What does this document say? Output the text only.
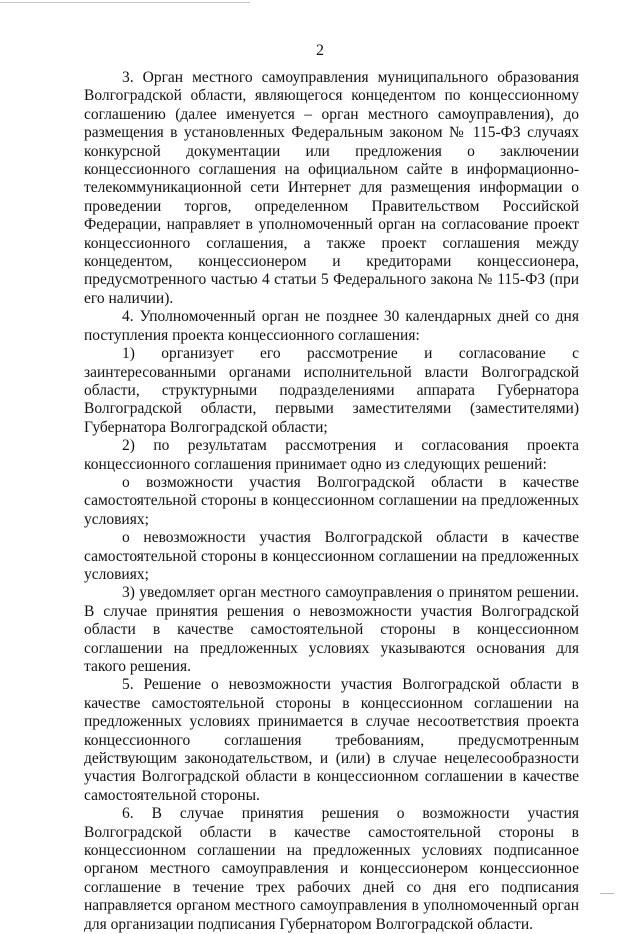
2

3. Орган местного самоуправления муниципального образования Волгоградской области, являющегося концедентом по концессионному соглашению (далее именуется – орган местного самоуправления), до размещения в установленных Федеральным законом № 115-ФЗ случаях конкурсной документации или предложения о заключении концессионного соглашения на официальном сайте в информационно-телекоммуникационной сети Интернет для размещения информации о проведении торгов, определенном Правительством Российской Федерации, направляет в уполномоченный орган на согласование проект концессионного соглашения, а также проект соглашения между концедентом, концессионером и кредиторами концессионера, предусмотренного частью 4 статьи 5 Федерального закона № 115-ФЗ (при его наличии).

4. Уполномоченный орган не позднее 30 календарных дней со дня поступления проекта концессионного соглашения:

1) организует его рассмотрение и согласование с заинтересованными органами исполнительной власти Волгоградской области, структурными подразделениями аппарата Губернатора Волгоградской области, первыми заместителями (заместителями) Губернатора Волгоградской области;

2) по результатам рассмотрения и согласования проекта концессионного соглашения принимает одно из следующих решений:

о возможности участия Волгоградской области в качестве самостоятельной стороны в концессионном соглашении на предложенных условиях;

о невозможности участия Волгоградской области в качестве самостоятельной стороны в концессионном соглашении на предложенных условиях;

3) уведомляет орган местного самоуправления о принятом решении. В случае принятия решения о невозможности участия Волгоградской области в качестве самостоятельной стороны в концессионном соглашении на предложенных условиях указываются основания для такого решения.

5. Решение о невозможности участия Волгоградской области в качестве самостоятельной стороны в концессионном соглашении на предложенных условиях принимается в случае несоответствия проекта концессионного соглашения требованиям, предусмотренным действующим законодательством, и (или) в случае нецелесообразности участия Волгоградской области в концессионном соглашении в качестве самостоятельной стороны.

6. В случае принятия решения о возможности участия Волгоградской области в качестве самостоятельной стороны в концессионном соглашении на предложенных условиях подписанное органом местного самоуправления и концессионером концессионное соглашение в течение трех рабочих дней со дня его подписания направляется органом местного самоуправления в уполномоченный орган для организации подписания Губернатором Волгоградской области.
